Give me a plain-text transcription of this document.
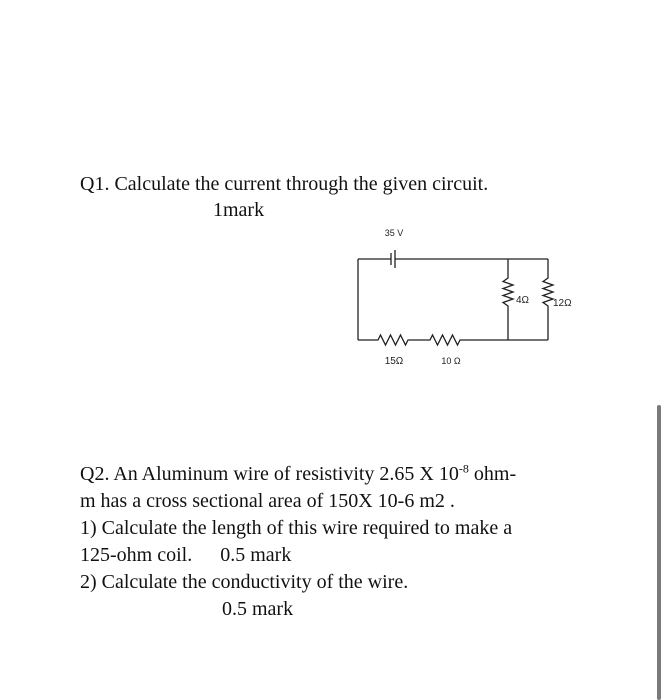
Q1. Calculate the current through the given circuit.
1mark
35 V
4Ω 12Ω
15Ω	10 Ω
Q2. An Aluminum wire of resistivity 2.65 X $10^{-8}$ ohm-
m has a cross sectional area of 150X 10-6 m2 .
1) Calculate the length of this wire required to make a
125-ohm coil. 0.5 mark
2) Calculate the conductivity of the wire.
0.5 mark
